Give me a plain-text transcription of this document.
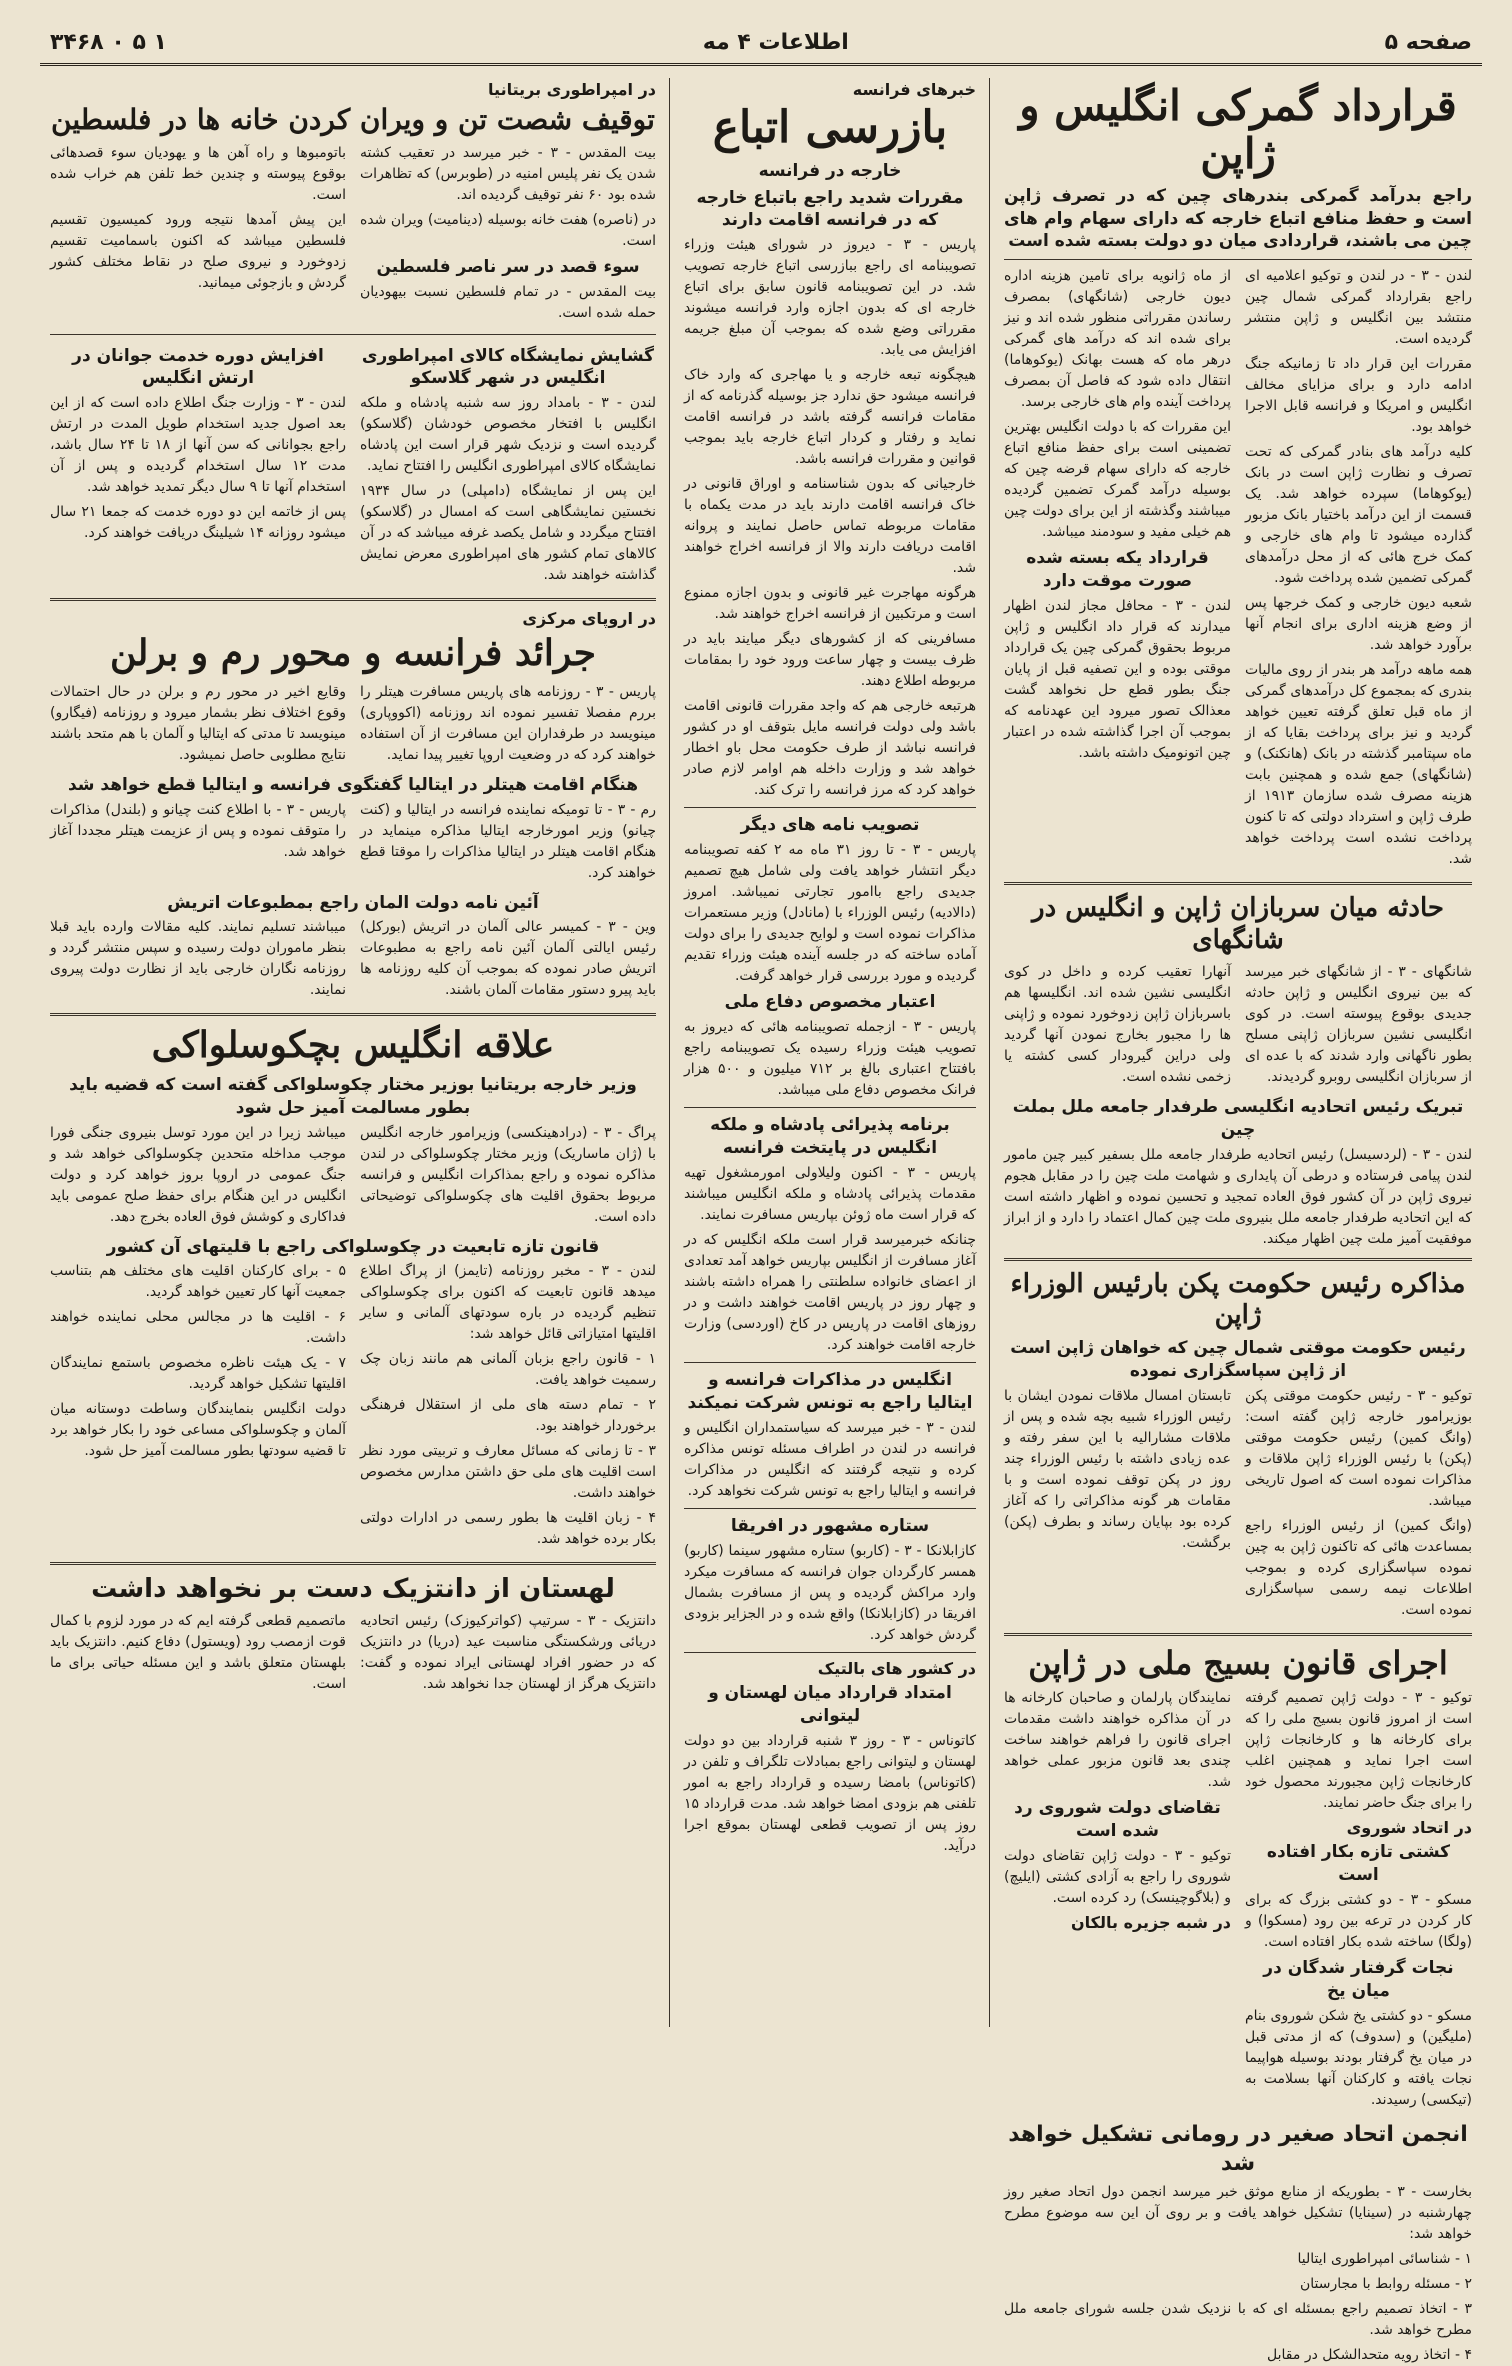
صفحه ۵
اطلاعات ۴ مه
۳۴۶۸ ۰ ۵ ۱
قرارداد گمرکی انگلیس و ژاپن
راجع بدرآمد گمرکی بندرهای چین که در تصرف ژاپن است و حفظ منافع اتباع خارجه که دارای سهام وام های چین می باشند، قراردادی میان دو دولت بسته شده است

لندن - ۳ - در لندن و توکیو اعلامیه ای راجع بقرارداد گمرکی شمال چین منتشد بین انگلیس و ژاپن منتشر گردیده است.

مقررات این قرار داد تا زمانیکه جنگ ادامه دارد و برای مزایای مخالف انگلیس و امریکا و فرانسه قابل الاجرا خواهد بود.

کلیه درآمد های بنادر گمرکی که تحت تصرف و نظارت ژاپن است در بانک (یوکوهاما) سپرده خواهد شد. یک قسمت از این درآمد باختیار بانک مزبور گذارده میشود تا وام های خارجی و کمک خرج هائی که از محل درآمدهای گمرکی تضمین شده پرداخت شود.

شعبه دیون خارجی و کمک خرجها پس از وضع هزینه اداری برای انجام آنها برآورد خواهد شد.

همه ماهه درآمد هر بندر از روی مالیات بندری که بمجموع کل درآمدهای گمرکی از ماه قبل تعلق گرفته تعیین خواهد گردید و نیز برای پرداخت بقایا که از ماه سپتامبر گذشته در بانک (هانکنک) و (شانگهای) جمع شده و همچنین بابت هزینه مصرف شده سازمان ۱۹۱۳ از طرف ژاپن و استرداد دولتی که تا کنون پرداخت نشده است پرداخت خواهد شد.

از ماه ژانویه برای تامین هزینه اداره دیون خارجی (شانگهای) بمصرف رساندن مقرراتی منظور شده اند و نیز برای شده اند که درآمد های گمرکی درهر ماه که هست بهانک (یوکوهاما) انتقال داده شود که فاصل آن بمصرف پرداخت آینده وام های خارجی برسد.

این مقررات که با دولت انگلیس بهترین تضمینی است برای حفظ منافع اتباع خارجه که دارای سهام قرضه چین که بوسیله درآمد گمرک تضمین گردیده میباشند وگذشته از این برای دولت چین هم خیلی مفید و سودمند میباشد.

قرارداد یکه بسته شده صورت موقت دارد

لندن - ۳ - محافل مجاز لندن اظهار میدارند که قرار داد انگلیس و ژاپن مربوط بحقوق گمرکی چین یک قرارداد موقتی بوده و این تصفیه قبل از پایان جنگ بطور قطع حل نخواهد گشت معذالک تصور میرود این عهدنامه که بموجب آن اجرا گذاشته شده در اعتبار چین اتونومیک داشته باشد.

حادثه میان سربازان ژاپن و انگلیس در شانگهای

شانگهای - ۳ - از شانگهای خبر میرسد که بین نیروی انگلیس و ژاپن حادثه جدیدی بوقوع پیوسته است. در کوی انگلیسی نشین سربازان ژاپنی مسلح بطور ناگهانی وارد شدند که با عده ای از سربازان انگلیسی روبرو گردیدند.

آنهارا تعقیب کرده و داخل در کوی انگلیسی نشین شده اند. انگلیسها هم باسربازان ژاپن زدوخورد نموده و ژاپنی ها را مجبور بخارج نمودن آنها گردید ولی دراین گیرودار کسی کشته یا زخمی نشده است.

تبریک رئیس اتحادیه انگلیسی طرفدار جامعه ملل بملت چین

لندن - ۳ - (لردسیسل) رئیس اتحادیه طرفدار جامعه ملل بسفیر کبیر چین مامور لندن پیامی فرستاده و درطی آن پایداری و شهامت ملت چین را در مقابل هجوم نیروی ژاپن در آن کشور فوق العاده تمجید و تحسین نموده و اظهار داشته است که این اتحادیه طرفدار جامعه ملل بنیروی ملت چین کمال اعتماد را دارد و از ابراز موفقیت آمیز ملت چین اظهار میکند.

مذاکره رئیس حکومت پکن بارئیس الوزراء ژاپن
رئیس حکومت موقتی شمال چین که خواهان ژاپن است از ژاپن سپاسگزاری نموده

توکیو - ۳ - رئیس حکومت موقتی پکن بوزیرامور خارجه ژاپن گفته است: (وانگ کمین) رئیس حکومت موقتی (پکن) با رئیس الوزراء ژاپن ملاقات و مذاکرات نموده است که اصول تاریخی میباشد.

(وانگ کمین) از رئیس الوزراء راجع بمساعدت هائی که تاکنون ژاپن به چین نموده سپاسگزاری کرده و بموجب اطلاعات نیمه رسمی سپاسگزاری نموده است.

تابستان امسال ملاقات نمودن ایشان با رئیس الوزراء شبیه بچه شده و پس از ملاقات مشارالیه با این سفر رفته و عده زیادی داشته با رئیس الوزراء چند روز در پکن توقف نموده است و با مقامات هر گونه مذاکراتی را که آغاز کرده بود بپایان رساند و بطرف (پکن) برگشت.

اجرای قانون بسیج ملی در ژاپن

توکیو - ۳ - دولت ژاپن تصمیم گرفته است از امروز قانون بسیج ملی را که برای کارخانه ها و کارخانجات ژاپن است اجرا نماید و همچنین اغلب کارخانجات ژاپن مجبورند محصول خود را برای جنگ حاضر نمایند.

در اتحاد شوروی
کشتی تازه بکار افتاده است

مسکو - ۳ - دو کشتی بزرگ که برای کار کردن در ترعه بین رود (مسکوا) و (ولگا) ساخته شده بکار افتاده است.

نجات گرفتار شدگان در میان یخ

مسکو - دو کشتی یخ شکن شوروی بنام (ملیگین) و (سدوف) که از مدتی قبل در میان یخ گرفتار بودند بوسیله هواپیما نجات یافته و کارکنان آنها بسلامت به (تیکسی) رسیدند.

نمایندگان پارلمان و صاحبان کارخانه ها در آن مذاکره خواهند داشت مقدمات اجرای قانون را فراهم خواهند ساخت چندی بعد قانون مزبور عملی خواهد شد.

تقاضای دولت شوروی رد شده است

توکیو - ۳ - دولت ژاپن تقاضای دولت شوروی را راجع به آزادی کشتی (ایلیچ) و (بلاگوچینسک) رد کرده است.

در شبه جزیره بالکان
انجمن اتحاد صغیر در رومانی تشکیل خواهد شد

بخارست - ۳ - بطوریکه از منابع موثق خبر میرسد انجمن دول اتحاد صغیر روز چهارشنبه در (سینایا) تشکیل خواهد یافت و بر روی آن این سه موضوع مطرح خواهد شد:

۱ - شناسائی امپراطوری ایتالیا

۲ - مسئله روابط با مجارستان

۳ - اتخاذ تصمیم راجع بمسئله ای که با نزدیک شدن جلسه شورای جامعه ملل مطرح خواهد شد.

۴ - اتخاذ رویه متحدالشکل در مقابل

خبرهای فرانسه
بازرسی اتباع
خارجه در فرانسه
مقررات شدید راجع باتباع خارجه که در فرانسه اقامت دارند

پاریس - ۳ - دیروز در شورای هیئت وزراء تصویبنامه ای راجع ببازرسی اتباع خارجه تصویب شد. در این تصویبنامه قانون سابق برای اتباع خارجه ای که بدون اجازه وارد فرانسه میشوند مقرراتی وضع شده که بموجب آن مبلغ جریمه افزایش می یابد.

هیچگونه تبعه خارجه و یا مهاجری که وارد خاک فرانسه میشود حق ندارد جز بوسیله گذرنامه که از مقامات فرانسه گرفته باشد در فرانسه اقامت نماید و رفتار و کردار اتباع خارجه باید بموجب قوانین و مقررات فرانسه باشد.

خارجیانی که بدون شناسنامه و اوراق قانونی در خاک فرانسه اقامت دارند باید در مدت یکماه با مقامات مربوطه تماس حاصل نمایند و پروانه اقامت دریافت دارند والا از فرانسه اخراج خواهند شد.

هرگونه مهاجرت غیر قانونی و بدون اجازه ممنوع است و مرتکبین از فرانسه اخراج خواهند شد.

مسافرینی که از کشورهای دیگر میایند باید در ظرف بیست و چهار ساعت ورود خود را بمقامات مربوطه اطلاع دهند.

هرتبعه خارجی هم که واجد مقررات قانونی اقامت باشد ولی دولت فرانسه مایل بتوقف او در کشور فرانسه نباشد از طرف حکومت محل باو اخطار خواهد شد و وزارت داخله هم اوامر لازم صادر خواهد کرد که مرز فرانسه را ترک کند.

تصویب نامه های دیگر

پاریس - ۳ - تا روز ۳۱ ماه مه ۲ کفه تصویبنامه دیگر انتشار خواهد یافت ولی شامل هیچ تصمیم جدیدی راجع باامور تجارتی نمیباشد. امروز (دالادیه) رئیس الوزراء با (مانادل) وزیر مستعمرات مذاکرات نموده است و لوایح جدیدی را برای دولت آماده ساخته که در جلسه آینده هیئت وزراء تقدیم گردیده و مورد بررسی قرار خواهد گرفت.

اعتبار مخصوص دفاع ملی

پاریس - ۳ - ازجمله تصویبنامه هائی که دیروز به تصویب هیئت وزراء رسیده یک تصویبنامه راجع بافتتاح اعتباری بالغ بر ۷۱۲ میلیون و ۵۰۰ هزار فرانک مخصوص دفاع ملی میباشد.

برنامه پذیرائی پادشاه و ملکه انگلیس در پایتخت فرانسه

پاریس - ۳ - اکنون ولیلاولی امورمشغول تهیه مقدمات پذیرائی پادشاه و ملکه انگلیس میباشند که قرار است ماه ژوئن بپاریس مسافرت نمایند.

چنانکه خبرمیرسد قرار است ملکه انگلیس که در آغاز مسافرت از انگلیس بپاریس خواهد آمد تعدادی از اعضای خانواده سلطنتی را همراه داشته باشند و چهار روز در پاریس اقامت خواهند داشت و در روزهای اقامت در پاریس در کاخ (اوردسی) وزارت خارجه اقامت خواهند کرد.

انگلیس در مذاکرات فرانسه و ایتالیا راجع به تونس شرکت نمیکند

لندن - ۳ - خبر میرسد که سیاستمداران انگلیس و فرانسه در لندن در اطراف مسئله تونس مذاکره کرده و نتیجه گرفتند که انگلیس در مذاکرات فرانسه و ایتالیا راجع به تونس شرکت نخواهد کرد.

ستاره مشهور در افریقا

کازابلانکا - ۳ - (کاربو) ستاره مشهور سینما (کاربو) همسر کارگردان جوان فرانسه که مسافرت میکرد وارد مراکش گردیده و پس از مسافرت بشمال افریقا در (کازابلانکا) واقع شده و در الجزایر بزودی گردش خواهد کرد.

در کشور های بالتیک
امتداد قرارداد میان لهستان و لیتوانی

کاتوناس - ۳ - روز ۳ شنبه قرارداد بین دو دولت لهستان و لیتوانی راجع بمبادلات تلگراف و تلفن در (کاتوناس) بامضا رسیده و قرارداد راجع به امور تلفنی هم بزودی امضا خواهد شد. مدت قرارداد ۱۵ روز پس از تصویب قطعی لهستان بموقع اجرا درآید.

در امپراطوری بریتانیا
توقیف شصت تن و ویران کردن خانه ها در فلسطین

بیت المقدس - ۳ - خبر میرسد در تعقیب کشته شدن یک نفر پلیس امنیه در (طوبرس) که تظاهرات شده بود ۶۰ نفر توقیف گردیده اند.

در (ناصره) هفت خانه بوسیله (دینامیت) ویران شده است.

سوء قصد در سر ناصر فلسطین

بیت المقدس - در تمام فلسطین نسبت بیهودیان حمله شده است.

باتومبوها و راه آهن ها و یهودیان سوء قصدهائی بوقوع پیوسته و چندین خط تلفن هم خراب شده است.

این پیش آمدها نتیجه ورود کمیسیون تقسیم فلسطین میباشد که اکنون باسمامیت تقسیم زدوخورد و نیروی صلح در نقاط مختلف کشور گردش و بازجوئی میمانید.

گشایش نمایشگاه کالای امپراطوری انگلیس در شهر گلاسکو

لندن - ۳ - بامداد روز سه شنبه پادشاه و ملکه انگلیس با افتخار مخصوص خودشان (گلاسکو) گردیده است و نزدیک شهر قرار است این پادشاه نمایشگاه کالای امپراطوری انگلیس را افتتاح نماید.

این پس از نمایشگاه (دامپلی) در سال ۱۹۳۴ نخستین نمایشگاهی است که امسال در (گلاسکو) افتتاح میگردد و شامل یکصد غرفه میباشد که در آن کالاهای تمام کشور های امپراطوری معرض نمایش گذاشته خواهند شد.

افزایش دوره خدمت جوانان در ارتش انگلیس

لندن - ۳ - وزارت جنگ اطلاع داده است که از این بعد اصول جدید استخدام طویل المدت در ارتش راجع بجوانانی که سن آنها از ۱۸ تا ۲۴ سال باشد، مدت ۱۲ سال استخدام گردیده و پس از آن استخدام آنها تا ۹ سال دیگر تمدید خواهد شد.

پس از خاتمه این دو دوره خدمت که جمعا ۲۱ سال میشود روزانه ۱۴ شیلینگ دریافت خواهند کرد.

در اروپای مرکزی
جرائد فرانسه و محور رم و برلن

پاریس - ۳ - روزنامه های پاریس مسافرت هیتلر را بررم مفصلا تفسیر نموده اند روزنامه (اکووپاری) مینویسد در طرفداران این مسافرت از آن استفاده خواهند کرد که در وضعیت اروپا تغییر پیدا نماید.

وقایع اخیر در محور رم و برلن در حال احتمالات وقوع اختلاف نظر بشمار میرود و روزنامه (فیگارو) مینویسد تا مدتی که ایتالیا و آلمان با هم متحد باشند نتایج مطلوبی حاصل نمیشود.

هنگام اقامت هیتلر در ایتالیا گفتگوی فرانسه و ایتالیا قطع خواهد شد

رم - ۳ - تا تومیکه نماینده فرانسه در ایتالیا و (کنت چیانو) وزیر امورخارجه ایتالیا مذاکره مینماید در هنگام اقامت هیتلر در ایتالیا مذاکرات را موقتا قطع خواهند کرد.

پاریس - ۳ - با اطلاع کنت چیانو و (بلندل) مذاکرات را متوقف نموده و پس از عزیمت هیتلر مجددا آغاز خواهد شد.

آئین نامه دولت المان راجع بمطبوعات اتریش

وین - ۳ - کمیسر عالی آلمان در اتریش (بورکل) رئیس ایالتی آلمان آئین نامه راجع به مطبوعات اتریش صادر نموده که بموجب آن کلیه روزنامه ها باید پیرو دستور مقامات آلمان باشند.

میباشند تسلیم نمایند. کلیه مقالات وارده باید قبلا بنظر ماموران دولت رسیده و سپس منتشر گردد و روزنامه نگاران خارجی باید از نظارت دولت پیروی نمایند.

علاقه انگلیس بچکوسلواکی
وزیر خارجه بریتانیا بوزیر مختار چکوسلواکی گفته است که قضیه باید بطور مسالمت آمیز حل شود

پراگ - ۳ - (درادهینکسی) وزیرامور خارجه انگلیس با (ژان ماساریک) وزیر مختار چکوسلواکی در لندن مذاکره نموده و راجع بمذاکرات انگلیس و فرانسه مربوط بحقوق اقلیت های چکوسلواکی توضیحاتی داده است.

میباشد زیرا در این مورد توسل بنیروی جنگی فورا موجب مداخله متحدین چکوسلواکی خواهد شد و جنگ عمومی در اروپا بروز خواهد کرد و دولت انگلیس در این هنگام برای حفظ صلح عمومی باید فداکاری و کوشش فوق العاده بخرج دهد.

قانون تازه تابعیت در چکوسلواکی راجع با قلیتهای آن کشور

لندن - ۳ - مخبر روزنامه (تایمز) از پراگ اطلاع میدهد قانون تابعیت که اکنون برای چکوسلواکی تنظیم گردیده در باره سودتهای آلمانی و سایر اقلیتها امتیازاتی قائل خواهد شد:

۱ - قانون راجع بزبان آلمانی هم مانند زبان چک رسمیت خواهد یافت.

۲ - تمام دسته های ملی از استقلال فرهنگی برخوردار خواهند بود.

۳ - تا زمانی که مسائل معارف و تربیتی مورد نظر است اقلیت های ملی حق داشتن مدارس مخصوص خواهند داشت.

۴ - زبان اقلیت ها بطور رسمی در ادارات دولتی بکار برده خواهد شد.

۵ - برای کارکنان اقلیت های مختلف هم بتناسب جمعیت آنها کار تعیین خواهد گردید.

۶ - اقلیت ها در مجالس محلی نماینده خواهند داشت.

۷ - یک هیئت ناظره مخصوص باستمع نمایندگان اقلیتها تشکیل خواهد گردید.

دولت انگلیس بنمایندگان وساطت دوستانه میان آلمان و چکوسلواکی مساعی خود را بکار خواهد برد تا قضیه سودتها بطور مسالمت آمیز حل شود.

لهستان از دانتزیک دست بر نخواهد داشت

دانتزیک - ۳ - سرتیپ (کواترکیوزک) رئیس اتحادیه دریائی ورشکستگی مناسبت عید (دریا) در دانتزیک که در حضور افراد لهستانی ایراد نموده و گفت: دانتزیک هرگز از لهستان جدا نخواهد شد.

ماتصمیم قطعی گرفته ایم که در مورد لزوم با کمال قوت ازمصب رود (ویستول) دفاع کنیم. دانتزیک باید بلهستان متعلق باشد و این مسئله حیاتی برای ما است.
